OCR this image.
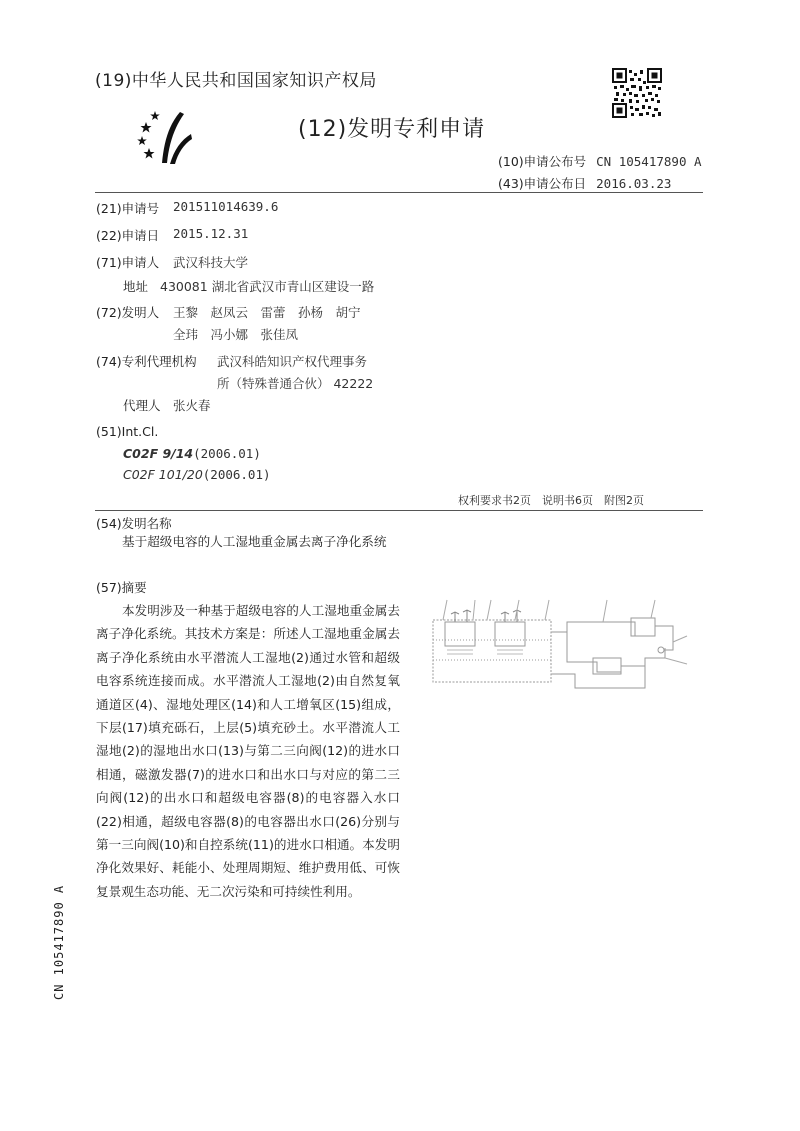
(19)中华人民共和国国家知识产权局
(12)发明专利申请
(10)申请公布号 CN 105417890 A
(43)申请公布日 2016.03.23
(21)申请号 201511014639.6
(22)申请日 2015.12.31
(71)申请人 武汉科技大学
地址 430081 湖北省武汉市青山区建设一路
(72)发明人 王黎　赵凤云　雷蕾　孙杨　胡宁
全玮　冯小娜　张佳凤
(74)专利代理机构 武汉科皓知识产权代理事务
所（特殊普通合伙） 42222
代理人 张火春
(51)Int.Cl.
C02F 9/14(2006.01)
C02F 101/20(2006.01)
权利要求书2页　说明书6页　附图2页
(54)发明名称
基于超级电容的人工湿地重金属去离子净化系统
(57)摘要

本发明涉及一种基于超级电容的人工湿地重金属去离子净化系统。其技术方案是：所述人工湿地重金属去离子净化系统由水平潜流人工湿地(2)通过水管和超级电容系统连接而成。水平潜流人工湿地(2)由自然复氧通道区(4)、湿地处理区(14)和人工增氧区(15)组成，下层(17)填充砾石，上层(5)填充砂土。水平潜流人工湿地(2)的湿地出水口(13)与第二三向阀(12)的进水口相通，磁激发器(7)的进水口和出水口与对应的第二三向阀(12)的出水口和超级电容器(8)的电容器入水口(22)相通，超级电容器(8)的电容器出水口(26)分别与第一三向阀(10)和自控系统(11)的进水口相通。本发明净化效果好、耗能小、处理周期短、维护费用低、可恢复景观生态功能、无二次污染和可持续性利用。

CN 105417890 A
